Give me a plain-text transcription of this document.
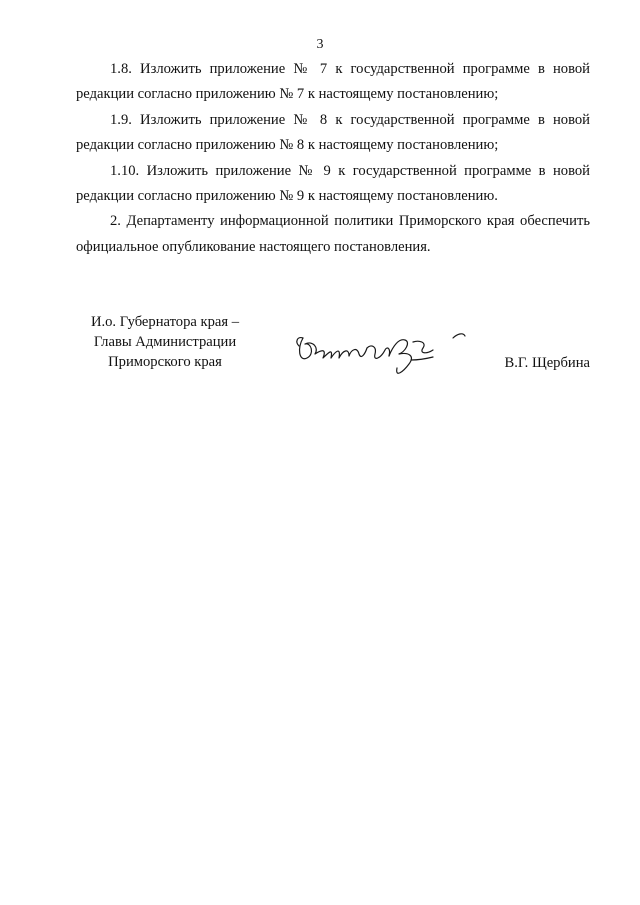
3

1.8. Изложить приложение № 7 к государственной программе в новой
редакции согласно приложению № 7 к настоящему постановлению;

1.9. Изложить приложение № 8 к государственной программе в новой
редакции согласно приложению № 8 к настоящему постановлению;

1.10. Изложить приложение № 9 к государственной программе в новой
редакции согласно приложению № 9 к настоящему постановлению.

2. Департаменту информационной политики Приморского края обеспечить
официальное опубликование настоящего постановления.

И.о. Губернатора края –
Главы Администрации
Приморского края	В.Г. Щербина
